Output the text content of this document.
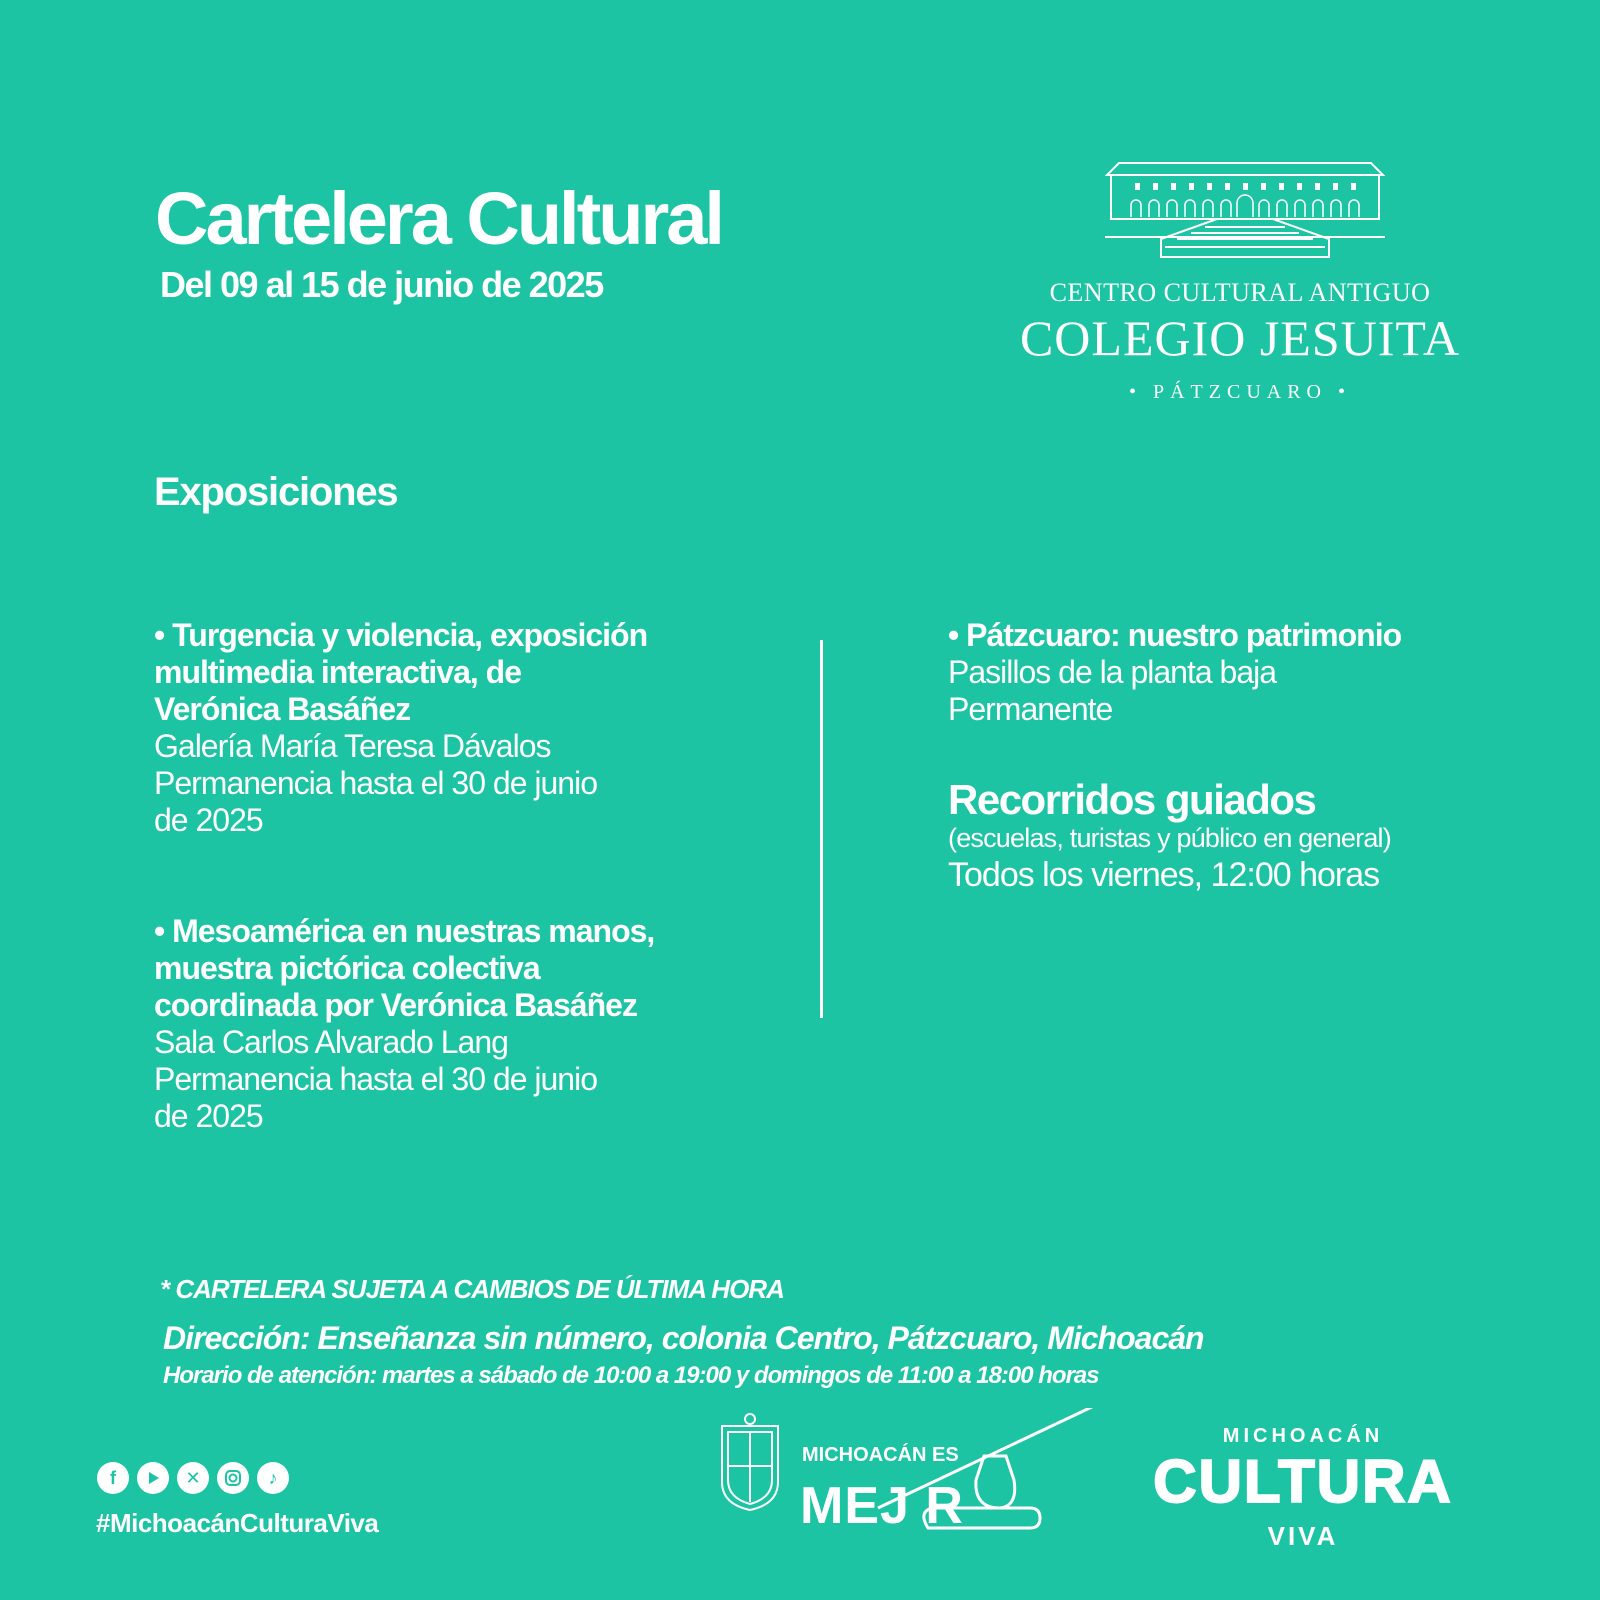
Cartelera Cultural
Del 09 al 15 de junio de 2025	CENTRO CULTURAL ANTIGUO
COLEGIO JESUITA
• PÁTZCUARO •
Exposiciones
• Turgencia y violencia, exposición
multimedia interactiva, de
Verónica Basáñez
Galería María Teresa Dávalos
Permanencia hasta el 30 de junio
de 2025
• Mesoamérica en nuestras manos,
muestra pictórica colectiva
coordinada por Verónica Basáñez
Sala Carlos Alvarado Lang
Permanencia hasta el 30 de junio
de 2025
• Pátzcuaro: nuestro patrimonio
Pasillos de la planta baja
Permanente
Recorridos guiados
(escuelas, turistas y público en general)
Todos los viernes, 12:00 horas
* CARTELERA SUJETA A CAMBIOS DE ÚLTIMA HORA
Dirección: Enseñanza sin número, colonia Centro, Pátzcuaro, Michoacán
Horario de atención: martes a sábado de 10:00 a 19:00 y domingos de 11:00 a 18:00 horas
f	✕	♪
#MichoacánCulturaViva
MICHOACÁN ES
MEJ R
MICHOACÁN
CULTURA
VIVA
